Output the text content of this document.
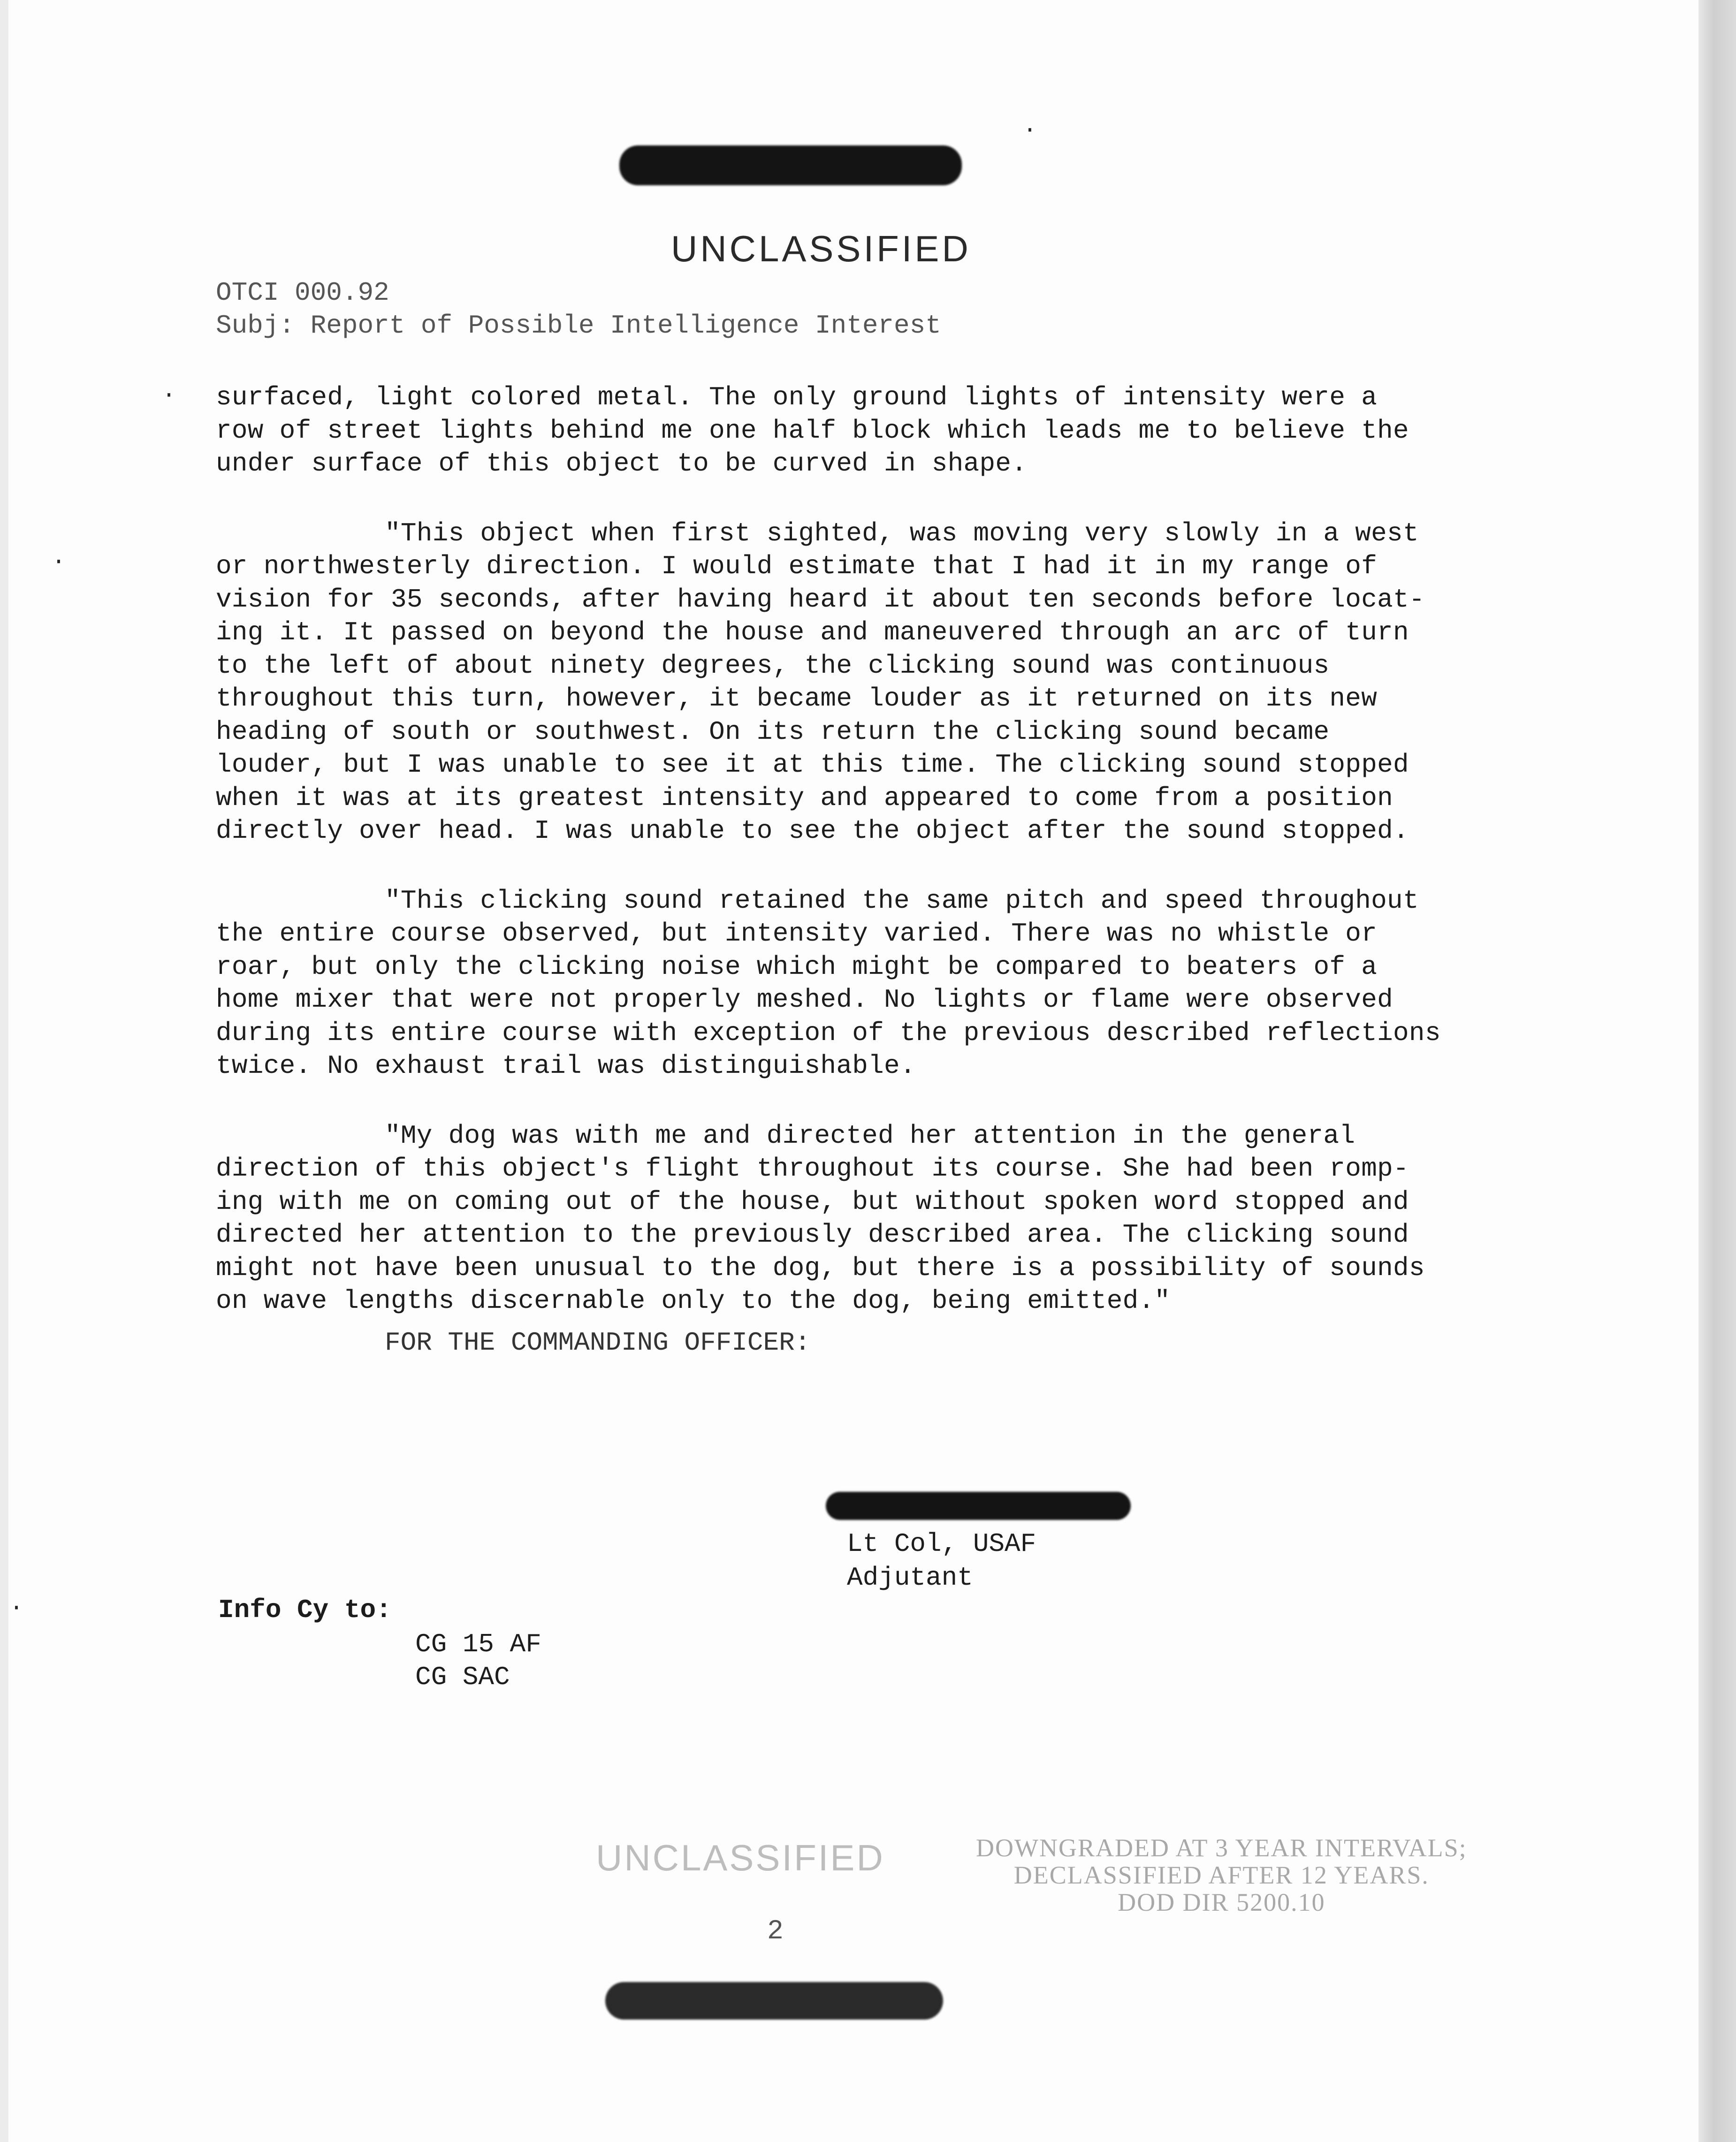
UNCLASSIFIED
OTCI 000.92
Subj: Report of Possible Intelligence Interest

surfaced, light colored metal. The only ground lights of intensity were a
row of street lights behind me one half block which leads me to believe the
under surface of this object to be curved in shape.

"This object when first sighted, was moving very slowly in a west
or northwesterly direction. I would estimate that I had it in my range of
vision for 35 seconds, after having heard it about ten seconds before locat-
ing it. It passed on beyond the house and maneuvered through an arc of turn
to the left of about ninety degrees, the clicking sound was continuous
throughout this turn, however, it became louder as it returned on its new
heading of south or southwest. On its return the clicking sound became
louder, but I was unable to see it at this time. The clicking sound stopped
when it was at its greatest intensity and appeared to come from a position
directly over head. I was unable to see the object after the sound stopped.

"This clicking sound retained the same pitch and speed throughout
the entire course observed, but intensity varied. There was no whistle or
roar, but only the clicking noise which might be compared to beaters of a
home mixer that were not properly meshed. No lights or flame were observed
during its entire course with exception of the previous described reflections
twice. No exhaust trail was distinguishable.

"My dog was with me and directed her attention in the general
direction of this object's flight throughout its course. She had been romp-
ing with me on coming out of the house, but without spoken word stopped and
directed her attention to the previously described area. The clicking sound
might not have been unusual to the dog, but there is a possibility of sounds
on wave lengths discernable only to the dog, being emitted."

FOR THE COMMANDING OFFICER:
Lt Col, USAF
Adjutant
Info Cy to:
CG 15 AF
CG SAC
UNCLASSIFIED	DOWNGRADED AT 3 YEAR INTERVALS;
DECLASSIFIED AFTER 12 YEARS.
DOD DIR 5200.10
2
·
·
·
·
